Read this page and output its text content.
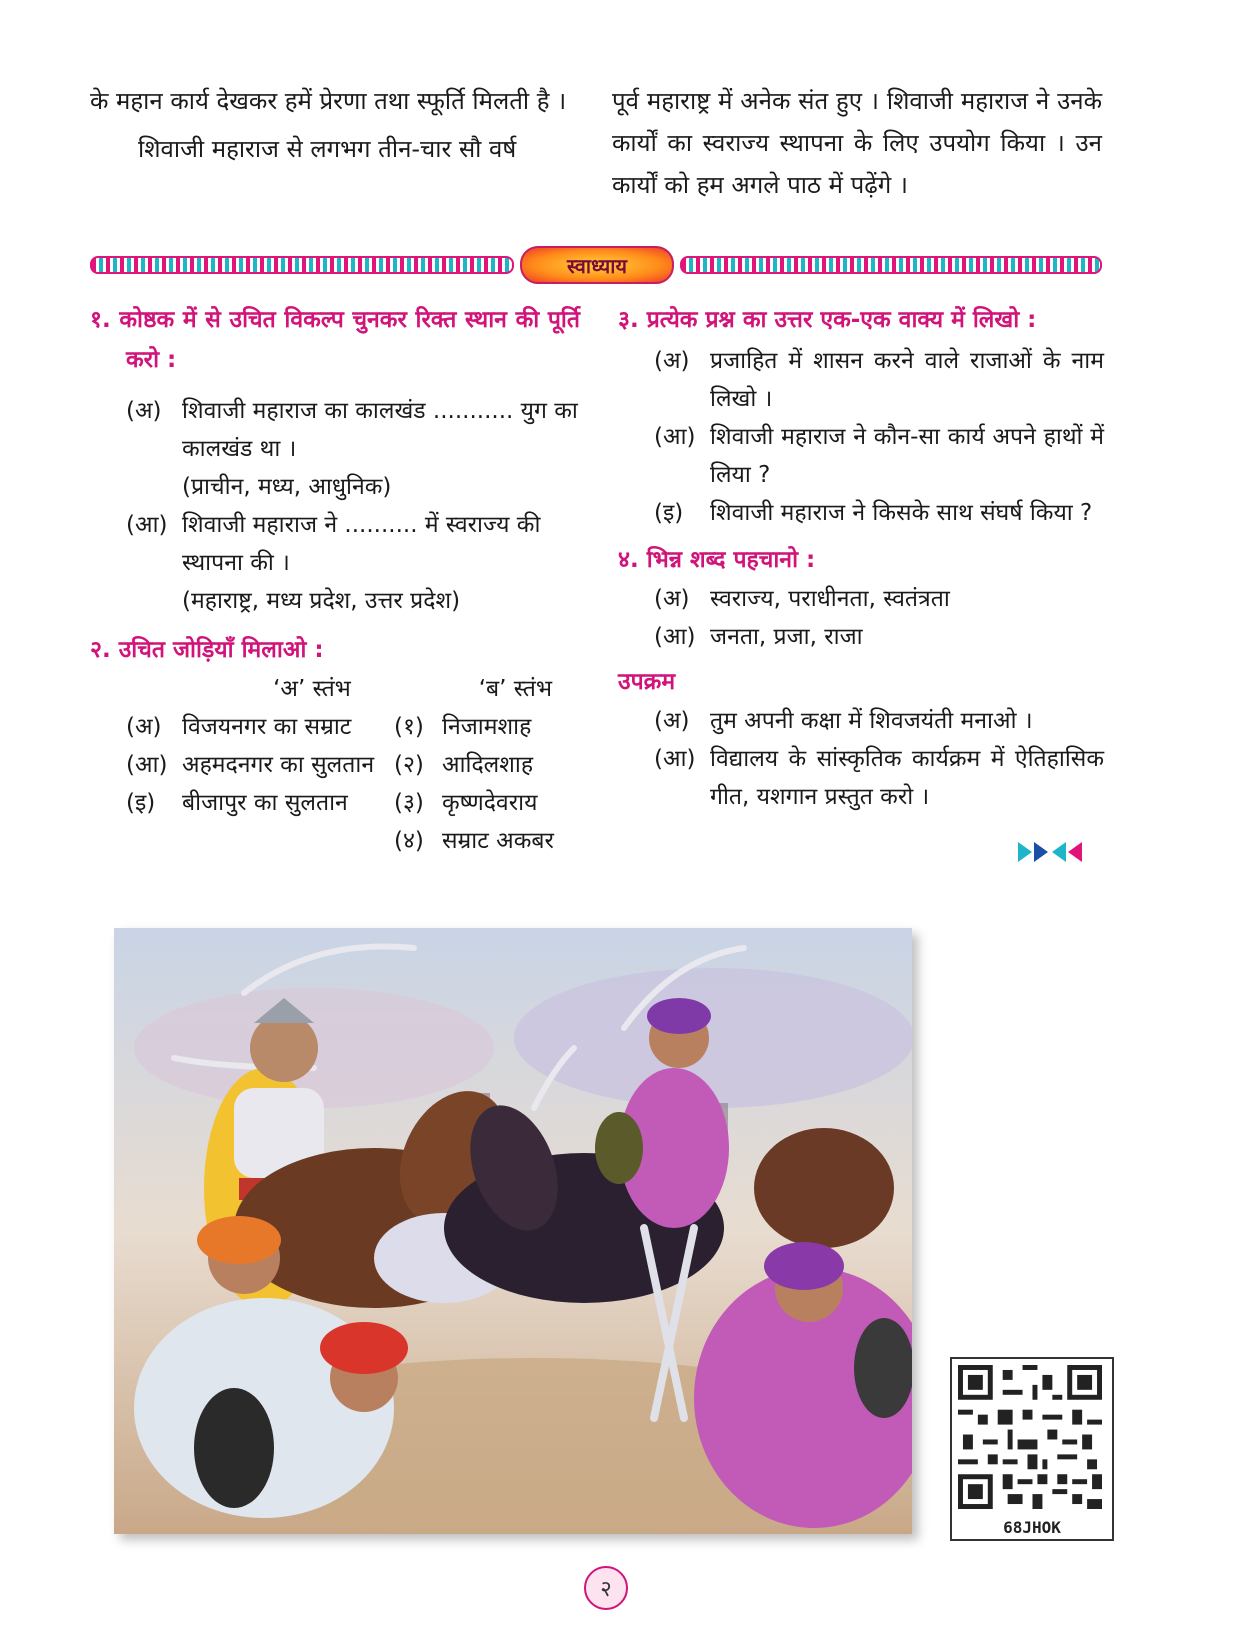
के महान कार्य देखकर हमें प्रेरणा तथा स्फूर्ति मिलती है ।
शिवाजी महाराज से लगभग तीन-चार सौ वर्ष
पूर्व महाराष्ट्र में अनेक संत हुए । शिवाजी महाराज ने उनके कार्यों का स्वराज्य स्थापना के लिए उपयोग किया । उन कार्यों को हम अगले पाठ में पढ़ेंगे ।
स्वाध्याय
१. कोष्ठक में से उचित विकल्प चुनकर रिक्त स्थान की पूर्ति करो :
(अ) शिवाजी महाराज का कालखंड ........... युग का कालखंड था ।
(प्राचीन, मध्य, आधुनिक)
(आ) शिवाजी महाराज ने .......... में स्वराज्य की स्थापना की ।
(महाराष्ट्र, मध्य प्रदेश, उत्तर प्रदेश)
२. उचित जोड़ियाँ मिलाओ :
‘अ’ स्तंभ	‘ब’ स्तंभ
(अ) विजयनगर का सम्राट	(१) निजामशाह
(आ) अहमदनगर का सुलतान (२) आदिलशाह
(इ)	बीजापुर का सुलतान	(३) कृष्णदेवराय
(४) सम्राट अकबर
३. प्रत्येक प्रश्न का उत्तर एक-एक वाक्य में लिखो :
(अ) प्रजाहित में शासन करने वाले राजाओं के नाम लिखो ।
(आ) शिवाजी महाराज ने कौन-सा कार्य अपने हाथों में लिया ?
(इ)	शिवाजी महाराज ने किसके साथ संघर्ष किया ?
४. भिन्न शब्द पहचानो :
(अ) स्वराज्य, पराधीनता, स्वतंत्रता
(आ) जनता, प्रजा, राजा
उपक्रम
(अ) तुम अपनी कक्षा में शिवजयंती मनाओ ।
(आ) विद्यालय के सांस्कृतिक कार्यक्रम में ऐतिहासिक गीत, यशगान प्रस्तुत करो ।
68JHOK
२
